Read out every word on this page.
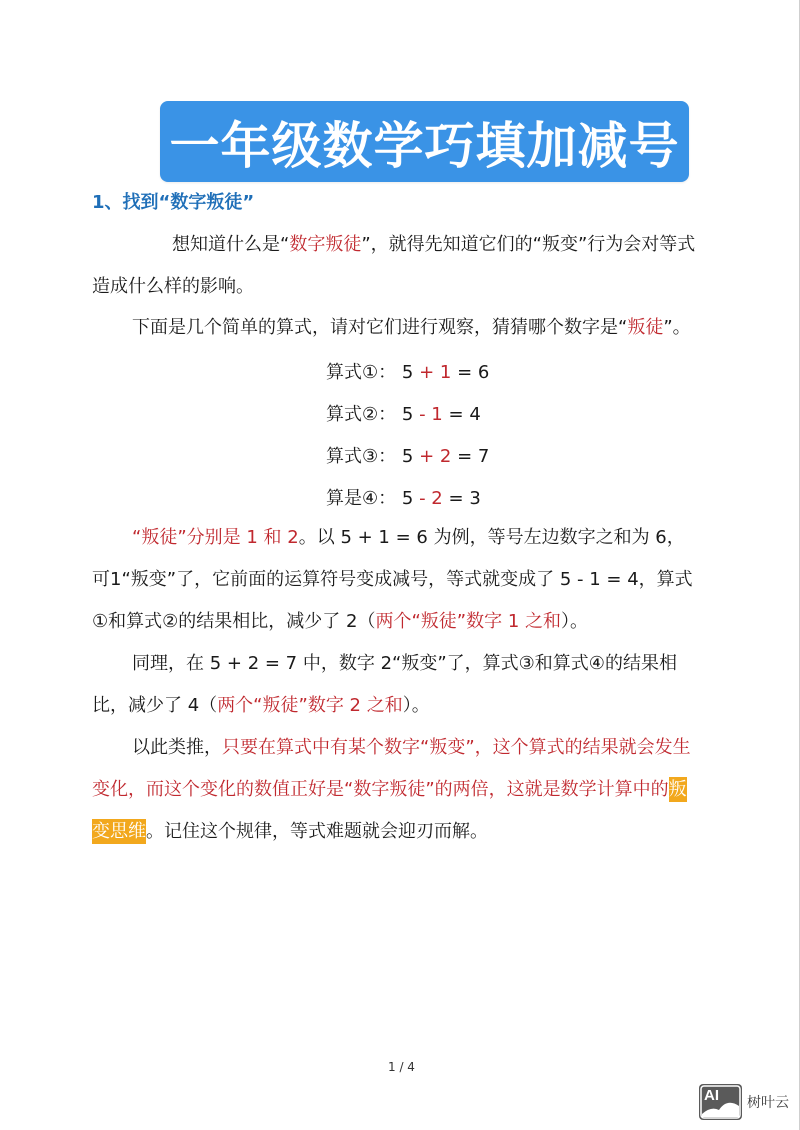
一年级数学巧填加减号
1、找到“数字叛徒”
想知道什么是“数字叛徒”，就得先知道它们的“叛变”行为会对等式造成什么样的影响。
下面是几个简单的算式，请对它们进行观察，猜猜哪个数字是“叛徒”。
算式①： 5 + 1 = 6
算式②： 5 - 1 = 4
算式③： 5 + 2 = 7
算是④： 5 - 2 = 3
“叛徒”分别是 1 和 2。以 5 + 1 = 6 为例，等号左边数字之和为 6， 可1“叛变”了，它前面的运算符号变成减号，等式就变成了 5 - 1 = 4，算式①和算式②的结果相比，减少了 2（两个“叛徒”数字 1 之和）。
同理，在 5 + 2 = 7 中，数字 2“叛变”了，算式③和算式④的结果相比，减少了 4（两个“叛徒”数字 2 之和）。
以此类推，只要在算式中有某个数字“叛变”，这个算式的结果就会发生变化，而这个变化的数值正好是“数字叛徒”的两倍，这就是数学计算中的叛变思维。记住这个规律，等式难题就会迎刃而解。
1 / 4
AI 树叶云
